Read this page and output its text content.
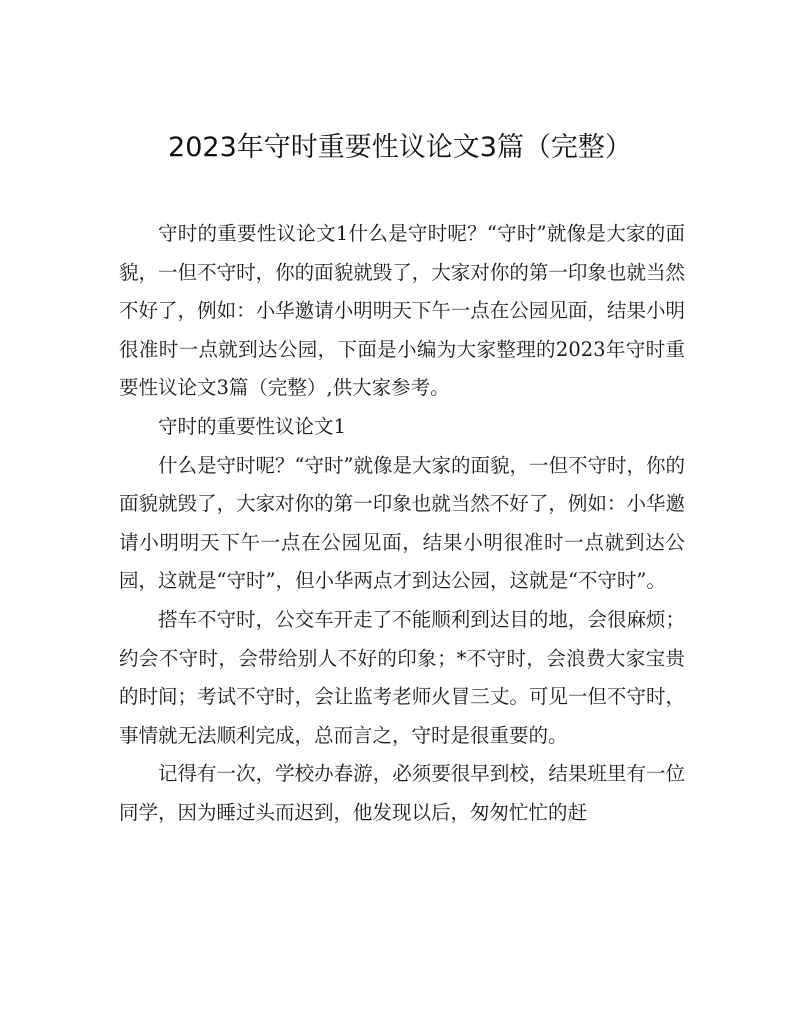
2023年守时重要性议论文3篇（完整）

守时的重要性议论文1什么是守时呢？“守时”就像是大家的面貌，一但不守时，你的面貌就毁了，大家对你的第一印象也就当然不好了，例如：小华邀请小明明天下午一点在公园见面，结果小明很准时一点就到达公园，下面是小编为大家整理的2023年守时重要性议论文3篇（完整）,供大家参考。

守时的重要性议论文1

什么是守时呢？“守时”就像是大家的面貌，一但不守时，你的面貌就毁了，大家对你的第一印象也就当然不好了，例如：小华邀请小明明天下午一点在公园见面，结果小明很准时一点就到达公园，这就是“守时”，但小华两点才到达公园，这就是“不守时”。

搭车不守时，公交车开走了不能顺利到达目的地，会很麻烦；约会不守时，会带给别人不好的印象；*不守时，会浪费大家宝贵的时间；考试不守时，会让监考老师火冒三丈。可见一但不守时，事情就无法顺利完成，总而言之，守时是很重要的。

记得有一次，学校办春游，必须要很早到校，结果班里有一位同学，因为睡过头而迟到，他发现以后，匆匆忙忙的赶
